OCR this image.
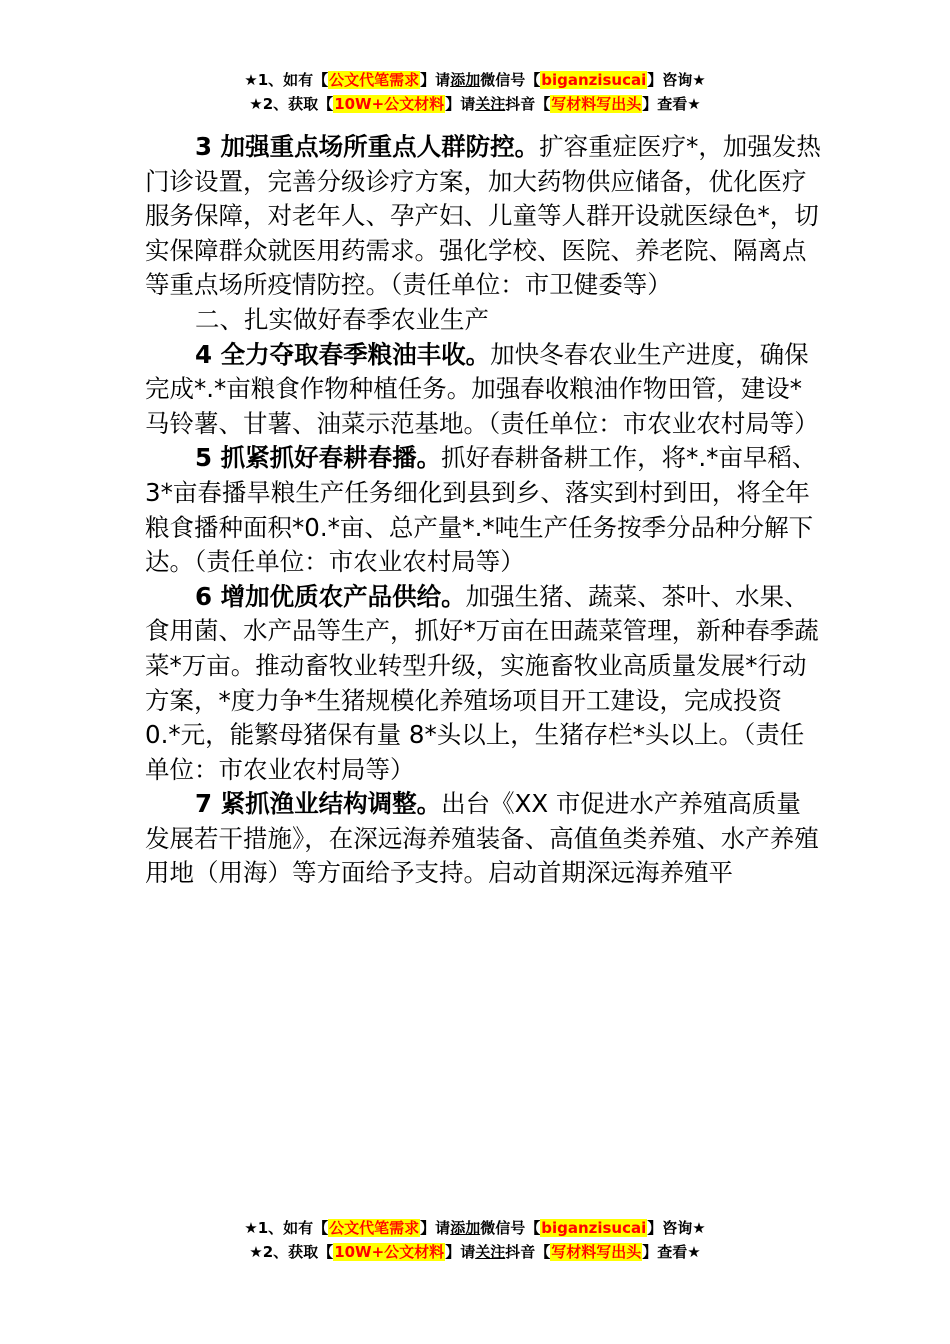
★1、如有【公文代笔需求】请添加微信号【biganzisucai】咨询★
★2、获取【10W+公文材料】请关注抖音【写材料写出头】查看★

3 加强重点场所重点人群防控。扩容重症医疗*，加强发热门诊设置，完善分级诊疗方案，加大药物供应储备，优化医疗服务保障，对老年人、孕产妇、儿童等人群开设就医绿色*，切实保障群众就医用药需求。强化学校、医院、养老院、隔离点等重点场所疫情防控。（责任单位：市卫健委等）

二、扎实做好春季农业生产

4 全力夺取春季粮油丰收。加快冬春农业生产进度，确保完成*.*亩粮食作物种植任务。加强春收粮油作物田管，建设*马铃薯、甘薯、油菜示范基地。（责任单位：市农业农村局等）

5 抓紧抓好春耕春播。抓好春耕备耕工作，将*.*亩早稻、3*亩春播旱粮生产任务细化到县到乡、落实到村到田，将全年粮食播种面积*0.*亩、总产量*.*吨生产任务按季分品种分解下达。（责任单位：市农业农村局等）

6 增加优质农产品供给。加强生猪、蔬菜、茶叶、水果、食用菌、水产品等生产，抓好*万亩在田蔬菜管理，新种春季蔬菜*万亩。推动畜牧业转型升级，实施畜牧业高质量发展*行动方案，*度力争*生猪规模化养殖场项目开工建设，完成投资 0.*元，能繁母猪保有量 8*头以上，生猪存栏*头以上。（责任单位：市农业农村局等）

7 紧抓渔业结构调整。出台《XX 市促进水产养殖高质量发展若干措施》，在深远海养殖装备、高值鱼类养殖、水产养殖用地（用海）等方面给予支持。启动首期深远海养殖平

★1、如有【公文代笔需求】请添加微信号【biganzisucai】咨询★
★2、获取【10W+公文材料】请关注抖音【写材料写出头】查看★
